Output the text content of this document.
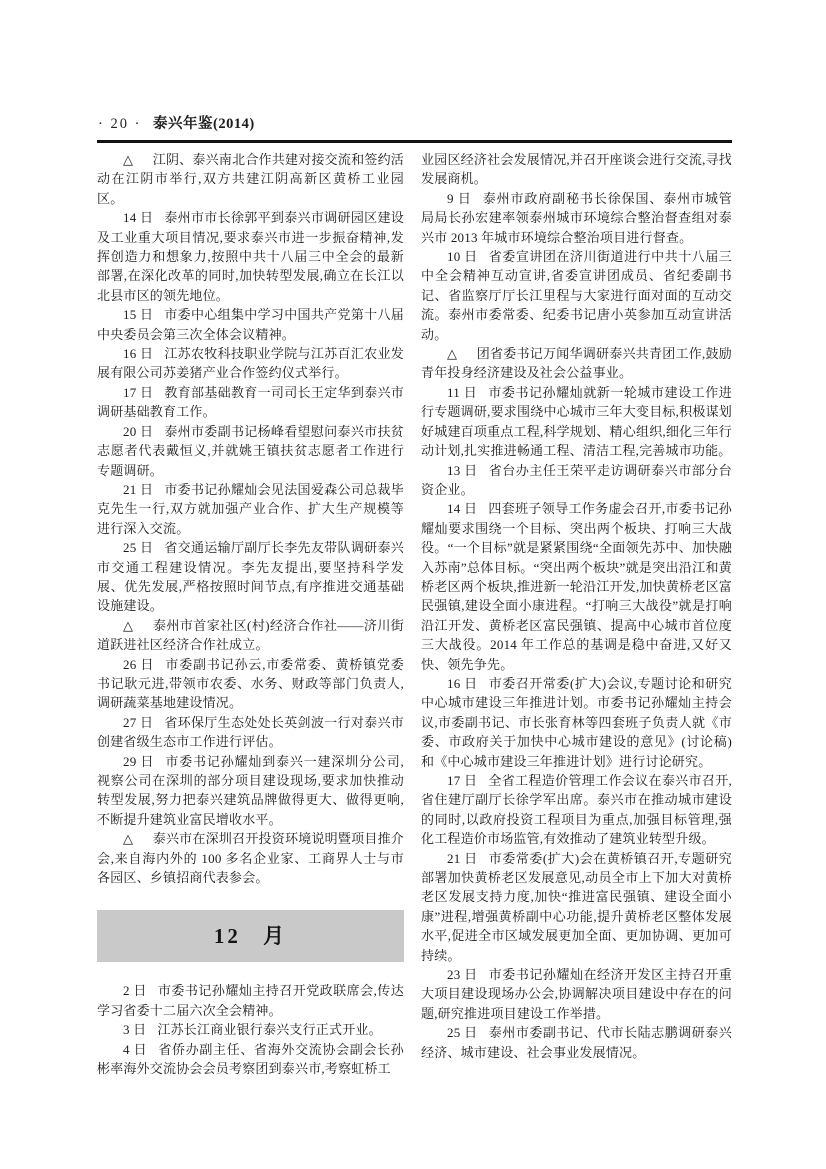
· 20 · 泰兴年鉴(2014)

△ 江阴、泰兴南北合作共建对接交流和签约活动在江阴市举行,双方共建江阴高新区黄桥工业园区。

14 日 泰州市市长徐郭平到泰兴市调研园区建设及工业重大项目情况,要求泰兴市进一步振奋精神,发挥创造力和想象力,按照中共十八届三中全会的最新部署,在深化改革的同时,加快转型发展,确立在长江以北县市区的领先地位。

15 日 市委中心组集中学习中国共产党第十八届中央委员会第三次全体会议精神。

16 日 江苏农牧科技职业学院与江苏百汇农业发展有限公司苏姜猪产业合作签约仪式举行。

17 日 教育部基础教育一司司长王定华到泰兴市调研基础教育工作。

20 日 泰州市委副书记杨峰看望慰问泰兴市扶贫志愿者代表戴恒义,并就姚王镇扶贫志愿者工作进行专题调研。

21 日 市委书记孙耀灿会见法国爱森公司总裁毕克先生一行,双方就加强产业合作、扩大生产规模等进行深入交流。

25 日 省交通运输厅副厅长李先友带队调研泰兴市交通工程建设情况。李先友提出,要坚持科学发展、优先发展,严格按照时间节点,有序推进交通基础设施建设。

△ 泰州市首家社区(村)经济合作社——济川街道跃进社区经济合作社成立。

26 日 市委副书记孙云,市委常委、黄桥镇党委书记耿元进,带领市农委、水务、财政等部门负责人,调研蔬菜基地建设情况。

27 日 省环保厅生态处处长英剑波一行对泰兴市创建省级生态市工作进行评估。

29 日 市委书记孙耀灿到泰兴一建深圳分公司,视察公司在深圳的部分项目建设现场,要求加快推动转型发展,努力把泰兴建筑品牌做得更大、做得更响,不断提升建筑业富民增收水平。

△ 泰兴市在深圳召开投资环境说明暨项目推介会,来自海内外的 100 多名企业家、工商界人士与市各园区、乡镇招商代表参会。

12 月

2 日 市委书记孙耀灿主持召开党政联席会,传达学习省委十二届六次全会精神。

3 日 江苏长江商业银行泰兴支行正式开业。

4 日 省侨办副主任、省海外交流协会副会长孙彬率海外交流协会会员考察团到泰兴市,考察虹桥工

业园区经济社会发展情况,并召开座谈会进行交流,寻找发展商机。

9 日 泰州市政府副秘书长徐保国、泰州市城管局局长孙宏建率领泰州城市环境综合整治督查组对泰兴市 2013 年城市环境综合整治项目进行督查。

10 日 省委宣讲团在济川街道进行中共十八届三中全会精神互动宣讲,省委宣讲团成员、省纪委副书记、省监察厅厅长江里程与大家进行面对面的互动交流。泰州市委常委、纪委书记唐小英参加互动宣讲活动。

△ 团省委书记万闻华调研泰兴共青团工作,鼓励青年投身经济建设及社会公益事业。

11 日 市委书记孙耀灿就新一轮城市建设工作进行专题调研,要求围绕中心城市三年大变目标,积极谋划好城建百项重点工程,科学规划、精心组织,细化三年行动计划,扎实推进畅通工程、清洁工程,完善城市功能。

13 日 省台办主任王荣平走访调研泰兴市部分台资企业。

14 日 四套班子领导工作务虚会召开,市委书记孙耀灿要求围绕一个目标、突出两个板块、打响三大战役。“一个目标”就是紧紧围绕“全面领先苏中、加快融入苏南”总体目标。“突出两个板块”就是突出沿江和黄桥老区两个板块,推进新一轮沿江开发,加快黄桥老区富民强镇,建设全面小康进程。“打响三大战役”就是打响沿江开发、黄桥老区富民强镇、提高中心城市首位度三大战役。2014 年工作总的基调是稳中奋进,又好又快、领先争先。

16 日 市委召开常委(扩大)会议,专题讨论和研究中心城市建设三年推进计划。市委书记孙耀灿主持会议,市委副书记、市长张育林等四套班子负责人就《市委、市政府关于加快中心城市建设的意见》(讨论稿)和《中心城市建设三年推进计划》进行讨论研究。

17 日 全省工程造价管理工作会议在泰兴市召开,省住建厅副厅长徐学军出席。泰兴市在推动城市建设的同时,以政府投资工程项目为重点,加强目标管理,强化工程造价市场监管,有效推动了建筑业转型升级。

21 日 市委常委(扩大)会在黄桥镇召开,专题研究部署加快黄桥老区发展意见,动员全市上下加大对黄桥老区发展支持力度,加快“推进富民强镇、建设全面小康”进程,增强黄桥副中心功能,提升黄桥老区整体发展水平,促进全市区域发展更加全面、更加协调、更加可持续。

23 日 市委书记孙耀灿在经济开发区主持召开重大项目建设现场办公会,协调解决项目建设中存在的问题,研究推进项目建设工作举措。

25 日 泰州市委副书记、代市长陆志鹏调研泰兴经济、城市建设、社会事业发展情况。
